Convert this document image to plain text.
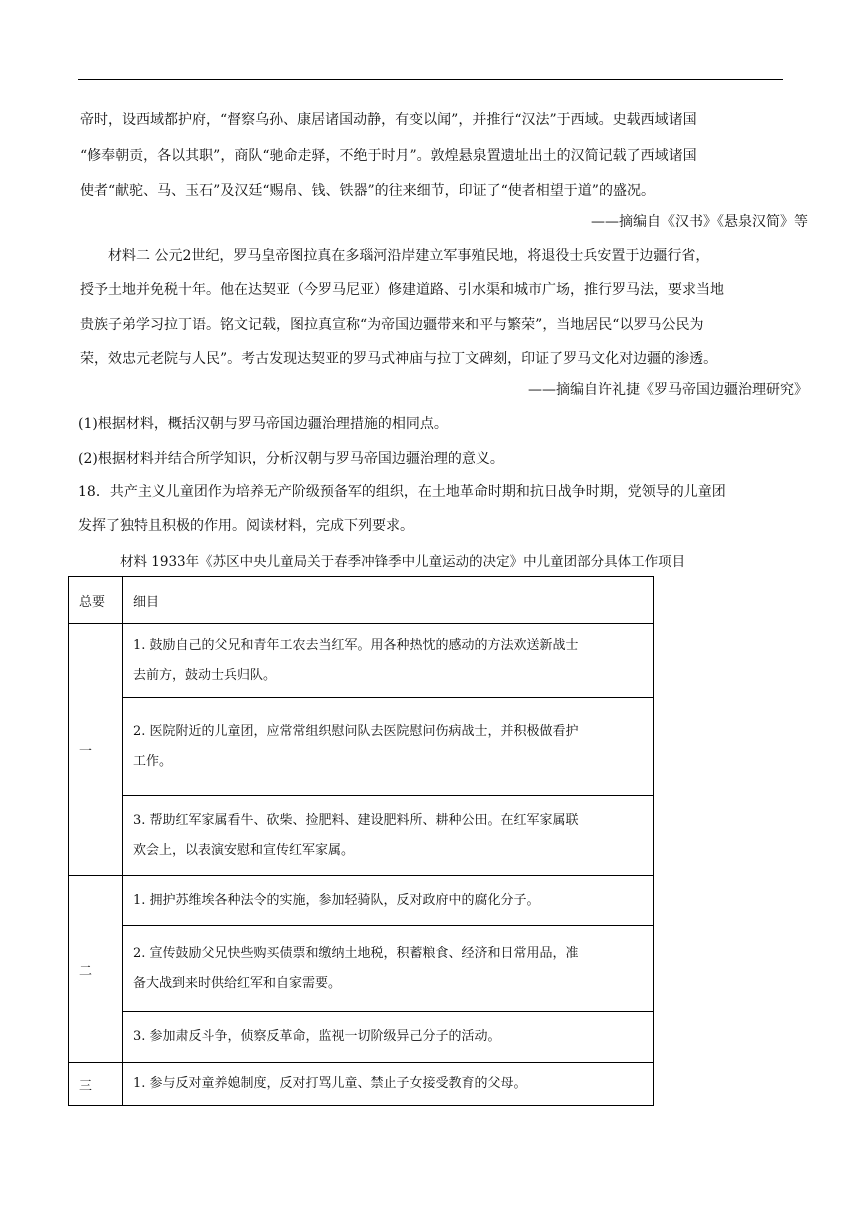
帝时，设西域都护府，“督察乌孙、康居诸国动静，有变以闻”，并推行“汉法”于西域。史载西域诸国
“修奉朝贡，各以其职”，商队“驰命走驿，不绝于时月”。敦煌悬泉置遗址出土的汉简记载了西域诸国
使者“献驼、马、玉石”及汉廷“赐帛、钱、铁器”的往来细节，印证了“使者相望于道”的盛况。
——摘编自《汉书》《悬泉汉简》等
材料二 公元2世纪，罗马皇帝图拉真在多瑙河沿岸建立军事殖民地，将退役士兵安置于边疆行省，
授予土地并免税十年。他在达契亚（今罗马尼亚）修建道路、引水渠和城市广场，推行罗马法，要求当地
贵族子弟学习拉丁语。铭文记载，图拉真宣称“为帝国边疆带来和平与繁荣”，当地居民“以罗马公民为
荣，效忠元老院与人民”。考古发现达契亚的罗马式神庙与拉丁文碑刻，印证了罗马文化对边疆的渗透。
——摘编自许礼捷《罗马帝国边疆治理研究》
(1)根据材料，概括汉朝与罗马帝国边疆治理措施的相同点。
(2)根据材料并结合所学知识，分析汉朝与罗马帝国边疆治理的意义。
18．共产主义儿童团作为培养无产阶级预备军的组织，在土地革命时期和抗日战争时期，党领导的儿童团
发挥了独特且积极的作用。阅读材料，完成下列要求。
材料 1933年《苏区中央儿童局关于春季冲锋季中儿童运动的决定》中儿童团部分具体工作项目
总要	细目
一	1. 鼓励自己的父兄和青年工农去当红军。用各种热忱的感动的方法欢送新战士
去前方，鼓动士兵归队。

	2. 医院附近的儿童团，应常常组织慰问队去医院慰问伤病战士，并积极做看护
工作。

	3. 帮助红军家属看牛、砍柴、捡肥料、建设肥料所、耕种公田。在红军家属联
欢会上，以表演安慰和宣传红军家属。

二	1. 拥护苏维埃各种法令的实施，参加轻骑队，反对政府中的腐化分子。

	2. 宣传鼓励父兄快些购买债票和缴纳土地税，积蓄粮食、经济和日常用品，准
备大战到来时供给红军和自家需要。

	3. 参加肃反斗争，侦察反革命，监视一切阶级异己分子的活动。

三	1. 参与反对童养媳制度，反对打骂儿童、禁止子女接受教育的父母。
